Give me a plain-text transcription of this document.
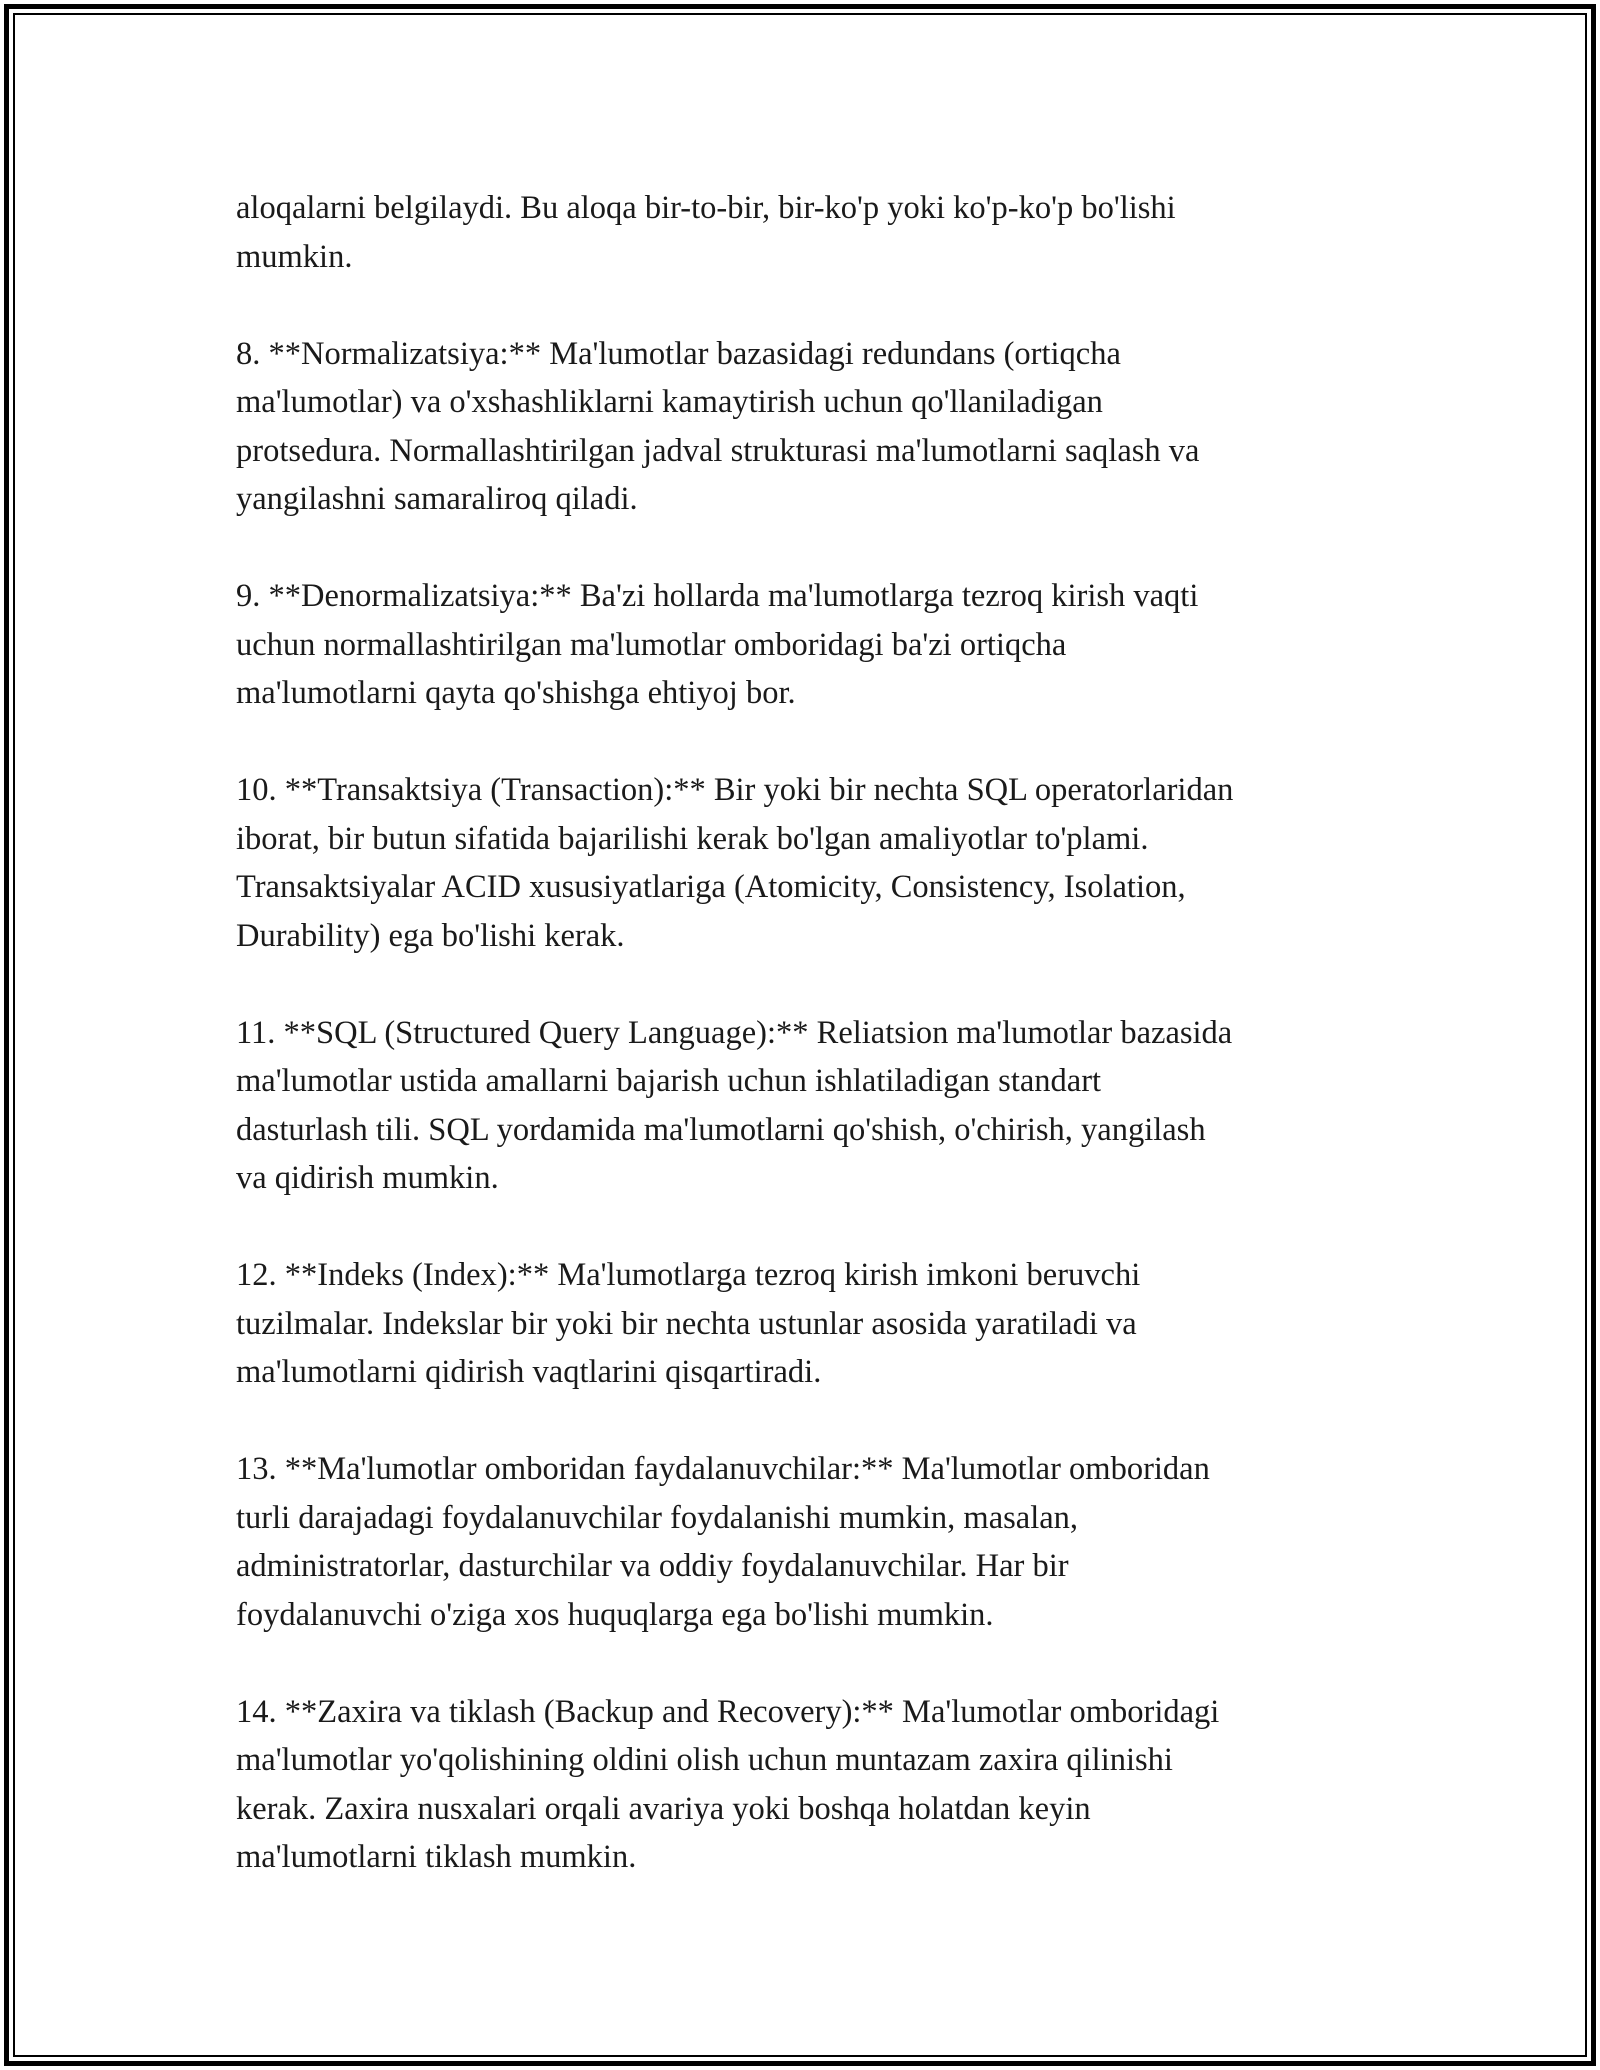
aloqalarni belgilaydi. Bu aloqa bir-to-bir, bir-ko'p yoki ko'p-ko'p bo'lishi
mumkin.

8. **Normalizatsiya:** Ma'lumotlar bazasidagi redundans (ortiqcha
ma'lumotlar) va o'xshashliklarni kamaytirish uchun qo'llaniladigan
protsedura. Normallashtirilgan jadval strukturasi ma'lumotlarni saqlash va
yangilashni samaraliroq qiladi.

9. **Denormalizatsiya:** Ba'zi hollarda ma'lumotlarga tezroq kirish vaqti
uchun normallashtirilgan ma'lumotlar omboridagi ba'zi ortiqcha
ma'lumotlarni qayta qo'shishga ehtiyoj bor.

10. **Transaktsiya (Transaction):** Bir yoki bir nechta SQL operatorlaridan
iborat, bir butun sifatida bajarilishi kerak bo'lgan amaliyotlar to'plami.
Transaktsiyalar ACID xususiyatlariga (Atomicity, Consistency, Isolation,
Durability) ega bo'lishi kerak.

11. **SQL (Structured Query Language):** Reliatsion ma'lumotlar bazasida
ma'lumotlar ustida amallarni bajarish uchun ishlatiladigan standart
dasturlash tili. SQL yordamida ma'lumotlarni qo'shish, o'chirish, yangilash
va qidirish mumkin.

12. **Indeks (Index):** Ma'lumotlarga tezroq kirish imkoni beruvchi
tuzilmalar. Indekslar bir yoki bir nechta ustunlar asosida yaratiladi va
ma'lumotlarni qidirish vaqtlarini qisqartiradi.

13. **Ma'lumotlar omboridan faydalanuvchilar:** Ma'lumotlar omboridan
turli darajadagi foydalanuvchilar foydalanishi mumkin, masalan,
administratorlar, dasturchilar va oddiy foydalanuvchilar. Har bir
foydalanuvchi o'ziga xos huquqlarga ega bo'lishi mumkin.

14. **Zaxira va tiklash (Backup and Recovery):** Ma'lumotlar omboridagi
ma'lumotlar yo'qolishining oldini olish uchun muntazam zaxira qilinishi
kerak. Zaxira nusxalari orqali avariya yoki boshqa holatdan keyin
ma'lumotlarni tiklash mumkin.
